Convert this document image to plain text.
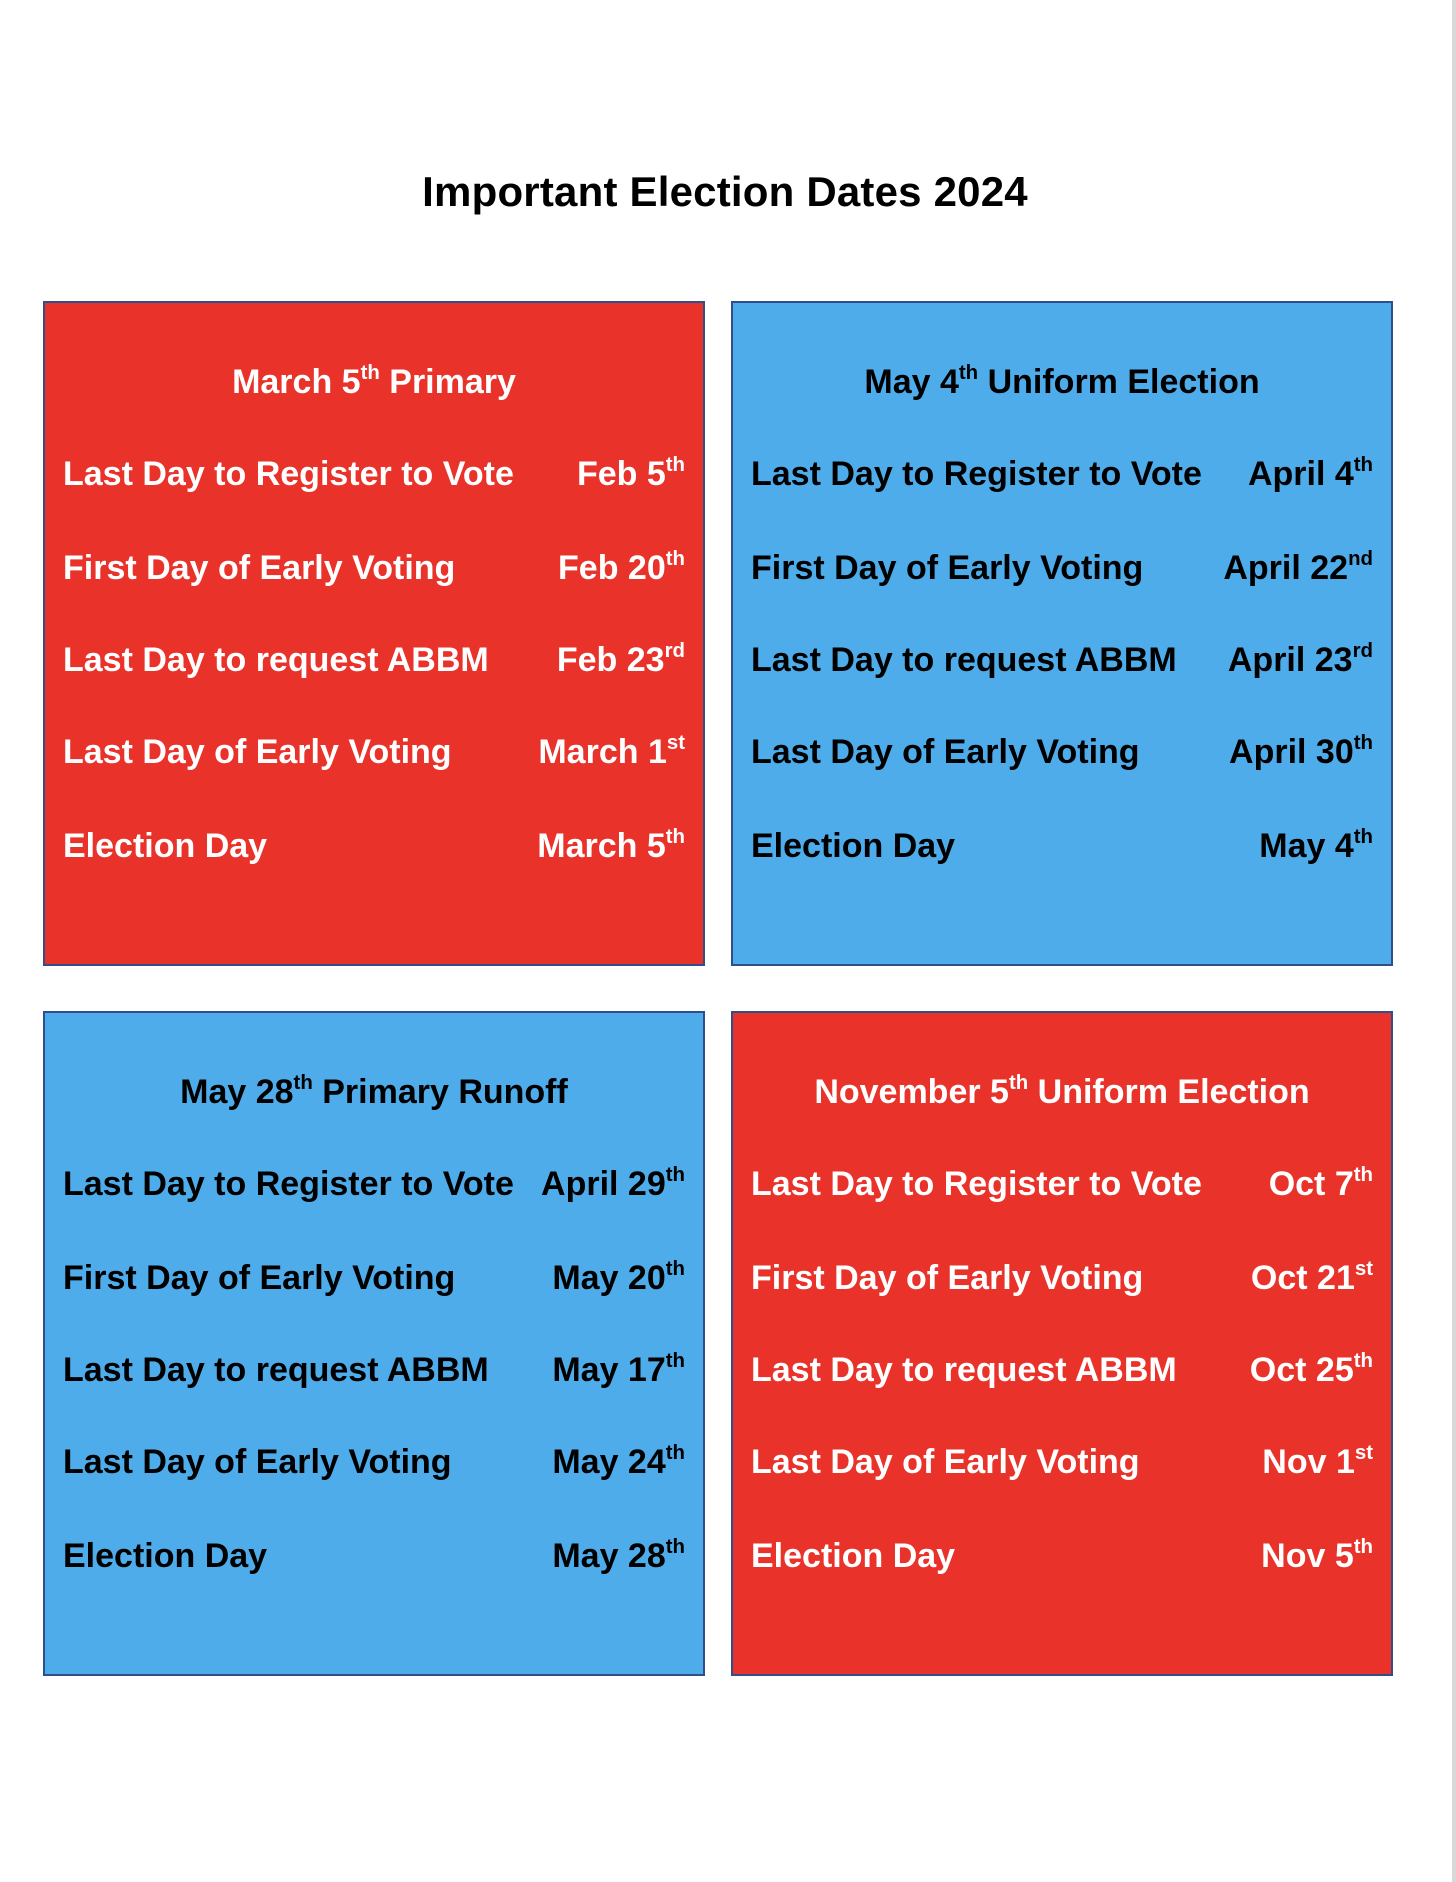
Important Election Dates 2024
March 5th Primary
Last Day to Register to Vote Feb 5th
First Day of Early Voting	Feb 20th
Last Day to request ABBM Feb 23rd
Last Day of Early Voting	March 1st
Election Day	March 5th
May 4th Uniform Election
Last Day to Register to Vote April 4th
First Day of Early Voting April 22nd
Last Day to request ABBM April 23rd
Last Day of Early Voting	April 30th
Election Day	May 4th
May 28th Primary Runoff
Last Day to Register to Vote April 29th
First Day of Early Voting	May 20th
Last Day to request ABBM May 17th
Last Day of Early Voting	May 24th
Election Day	May 28th
November 5th Uniform Election
Last Day to Register to Vote Oct 7th
First Day of Early Voting	Oct 21st
Last Day to request ABBM Oct 25th
Last Day of Early Voting	Nov 1st
Election Day	Nov 5th
